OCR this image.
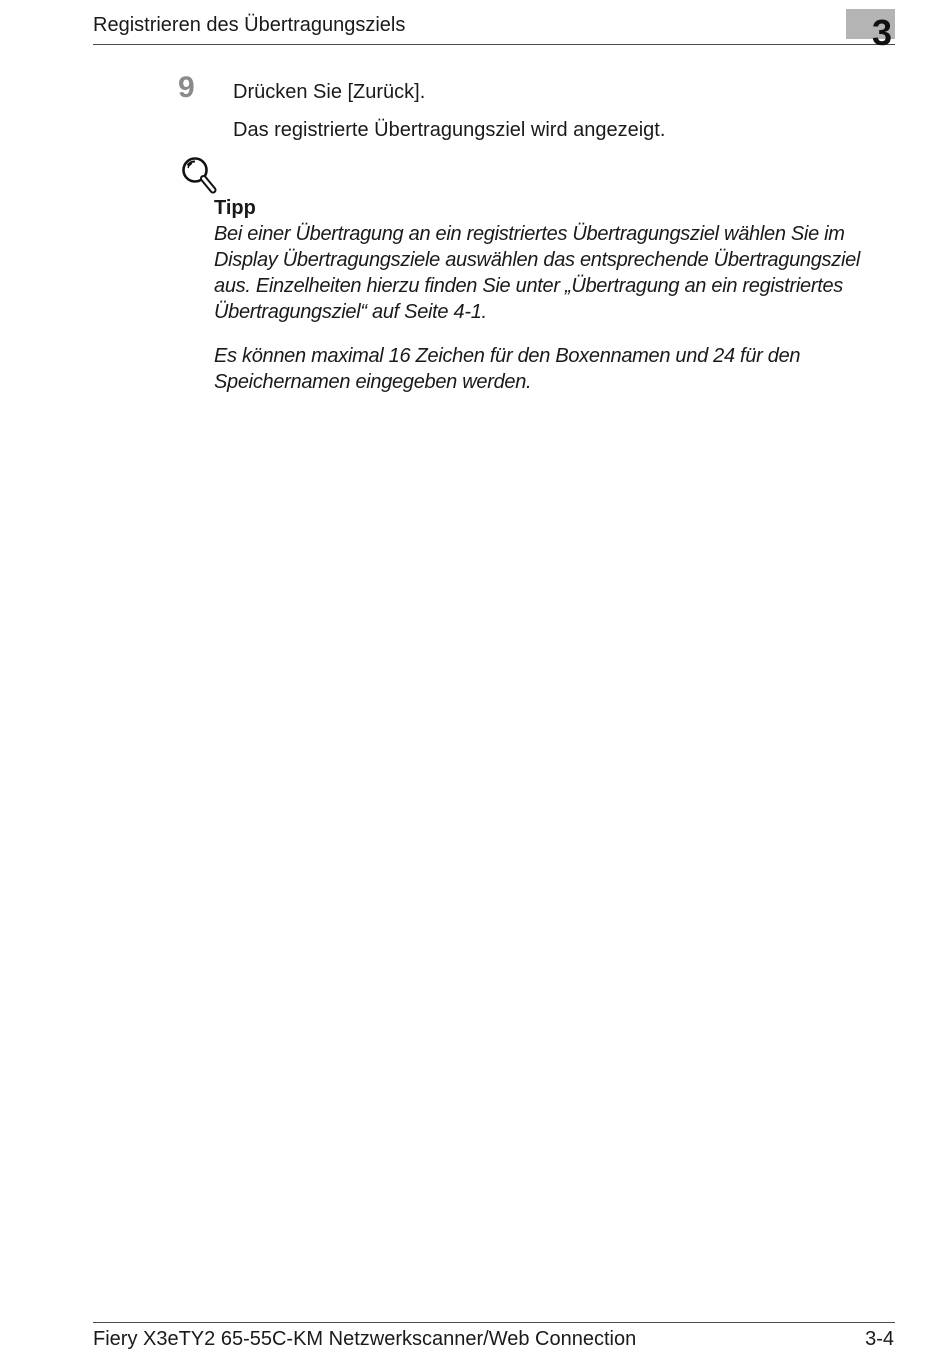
Registrieren des Übertragungsziels	3
9 Drücken Sie [Zurück].
Das registrierte Übertragungsziel wird angezeigt.
Tipp
Bei einer Übertragung an ein registriertes Übertragungsziel wählen Sie im Display Übertragungsziele auswählen das entsprechende Übertragungsziel aus. Einzelheiten hierzu finden Sie unter „Übertragung an ein registriertes Übertragungsziel“ auf Seite 4-1.
Es können maximal 16 Zeichen für den Boxennamen und 24 für den Speichernamen eingegeben werden.
Fiery X3eTY2 65-55C-KM Netzwerkscanner/Web Connection	3-4
